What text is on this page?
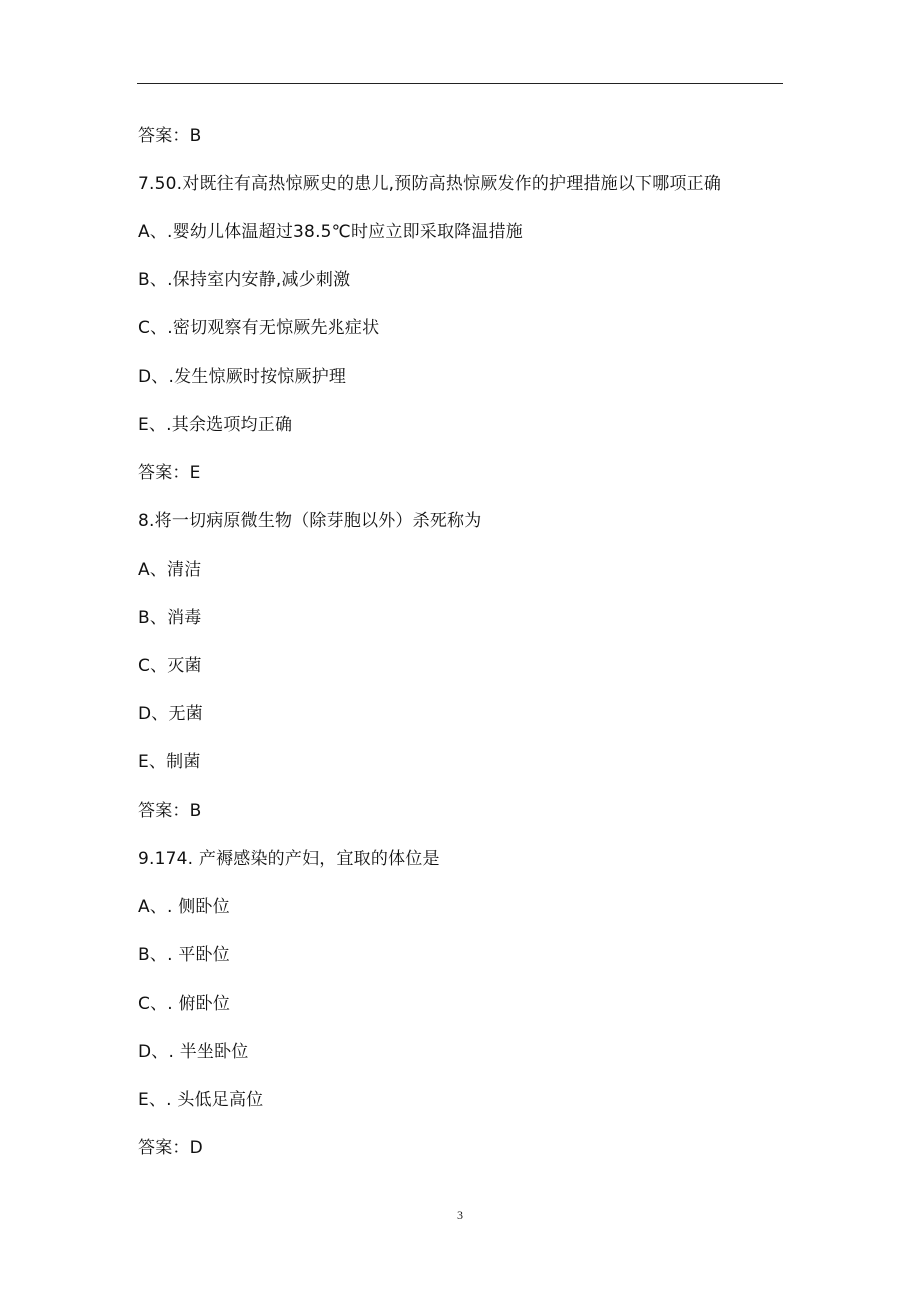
答案：B
7.50.对既往有高热惊厥史的患儿,预防高热惊厥发作的护理措施以下哪项正确
A、.婴幼儿体温超过38.5℃时应立即采取降温措施
B、.保持室内安静,减少刺激
C、.密切观察有无惊厥先兆症状
D、.发生惊厥时按惊厥护理
E、.其余选项均正确
答案：E
8.将一切病原微生物（除芽胞以外）杀死称为
A、清洁
B、消毒
C、灭菌
D、无菌
E、制菌
答案：B
9.174. 产褥感染的产妇，宜取的体位是
A、. 侧卧位
B、. 平卧位
C、. 俯卧位
D、. 半坐卧位
E、. 头低足高位
答案：D
3
